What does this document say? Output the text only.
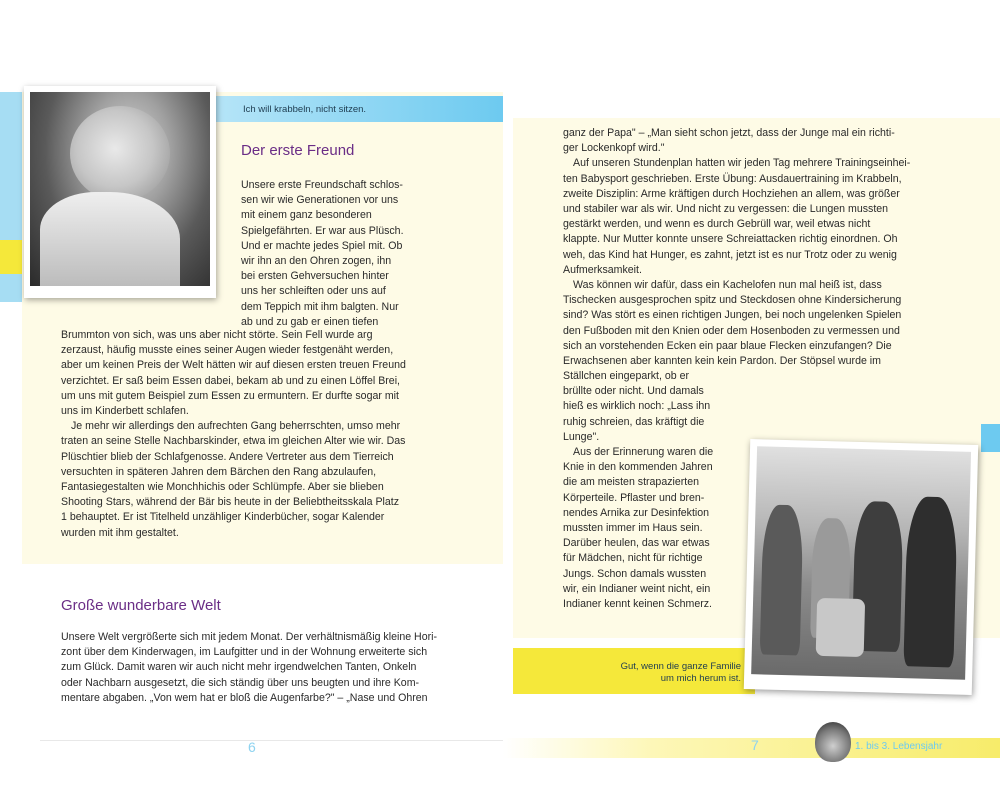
Ich will krabbeln, nicht sitzen.
Der erste Freund
Unsere erste Freundschaft schlos-
sen wir wie Generationen vor uns
mit einem ganz besonderen
Spielgefährten. Er war aus Plüsch.
Und er machte jedes Spiel mit. Ob
wir ihn an den Ohren zogen, ihn
bei ersten Gehversuchen hinter
uns her schleiften oder uns auf
dem Teppich mit ihm balgten. Nur
ab und zu gab er einen tiefen
Brummton von sich, was uns aber nicht störte. Sein Fell wurde arg
zerzaust, häufig musste eines seiner Augen wieder festgenäht werden,
aber um keinen Preis der Welt hätten wir auf diesen ersten treuen Freund
verzichtet. Er saß beim Essen dabei, bekam ab und zu einen Löffel Brei,
um uns mit gutem Beispiel zum Essen zu ermuntern. Er durfte sogar mit
uns im Kinderbett schlafen.
Je mehr wir allerdings den aufrechten Gang beherrschten, umso mehr
traten an seine Stelle Nachbarskinder, etwa im gleichen Alter wie wir. Das
Plüschtier blieb der Schlafgenosse. Andere Vertreter aus dem Tierreich
versuchten in späteren Jahren dem Bärchen den Rang abzulaufen,
Fantasiegestalten wie Monchhichis oder Schlümpfe. Aber sie blieben
Shooting Stars, während der Bär bis heute in der Beliebtheitsskala Platz
1 behauptet. Er ist Titelheld unzähliger Kinderbücher, sogar Kalender
wurden mit ihm gestaltet.
Große wunderbare Welt
Unsere Welt vergrößerte sich mit jedem Monat. Der verhältnismäßig kleine Hori-
zont über dem Kinderwagen, im Laufgitter und in der Wohnung erweiterte sich
zum Glück. Damit waren wir auch nicht mehr irgendwelchen Tanten, Onkeln
oder Nachbarn ausgesetzt, die sich ständig über uns beugten und ihre Kom-
mentare abgaben. „Von wem hat er bloß die Augenfarbe?" – „Nase und Ohren
6
ganz der Papa" – „Man sieht schon jetzt, dass der Junge mal ein richti-
ger Lockenkopf wird."
Auf unseren Stundenplan hatten wir jeden Tag mehrere Trainingseinhei-
ten Babysport geschrieben. Erste Übung: Ausdauertraining im Krabbeln,
zweite Disziplin: Arme kräftigen durch Hochziehen an allem, was größer
und stabiler war als wir. Und nicht zu vergessen: die Lungen mussten
gestärkt werden, und wenn es durch Gebrüll war, weil etwas nicht
klappte. Nur Mutter konnte unsere Schreiattacken richtig einordnen. Oh
weh, das Kind hat Hunger, es zahnt, jetzt ist es nur Trotz oder zu wenig
Aufmerksamkeit.
Was können wir dafür, dass ein Kachelofen nun mal heiß ist, dass
Tischecken ausgesprochen spitz und Steckdosen ohne Kindersicherung
sind? Was stört es einen richtigen Jungen, bei noch ungelenken Spielen
den Fußboden mit den Knien oder dem Hosenboden zu vermessen und
sich an vorstehenden Ecken ein paar blaue Flecken einzufangen? Die
Erwachsenen aber kannten kein kein Pardon. Der Stöpsel wurde im
Ställchen eingeparkt, ob er
brüllte oder nicht. Und damals
hieß es wirklich noch: „Lass ihn
ruhig schreien, das kräftigt die
Lunge".
Aus der Erinnerung waren die
Knie in den kommenden Jahren
die am meisten strapazierten
Körperteile. Pflaster und bren-
nendes Arnika zur Desinfektion
mussten immer im Haus sein.
Darüber heulen, das war etwas
für Mädchen, nicht für richtige
Jungs. Schon damals wussten
wir, ein Indianer weint nicht, ein
Indianer kennt keinen Schmerz.
Gut, wenn die ganze Familie
um mich herum ist.
7	1. bis 3. Lebensjahr
